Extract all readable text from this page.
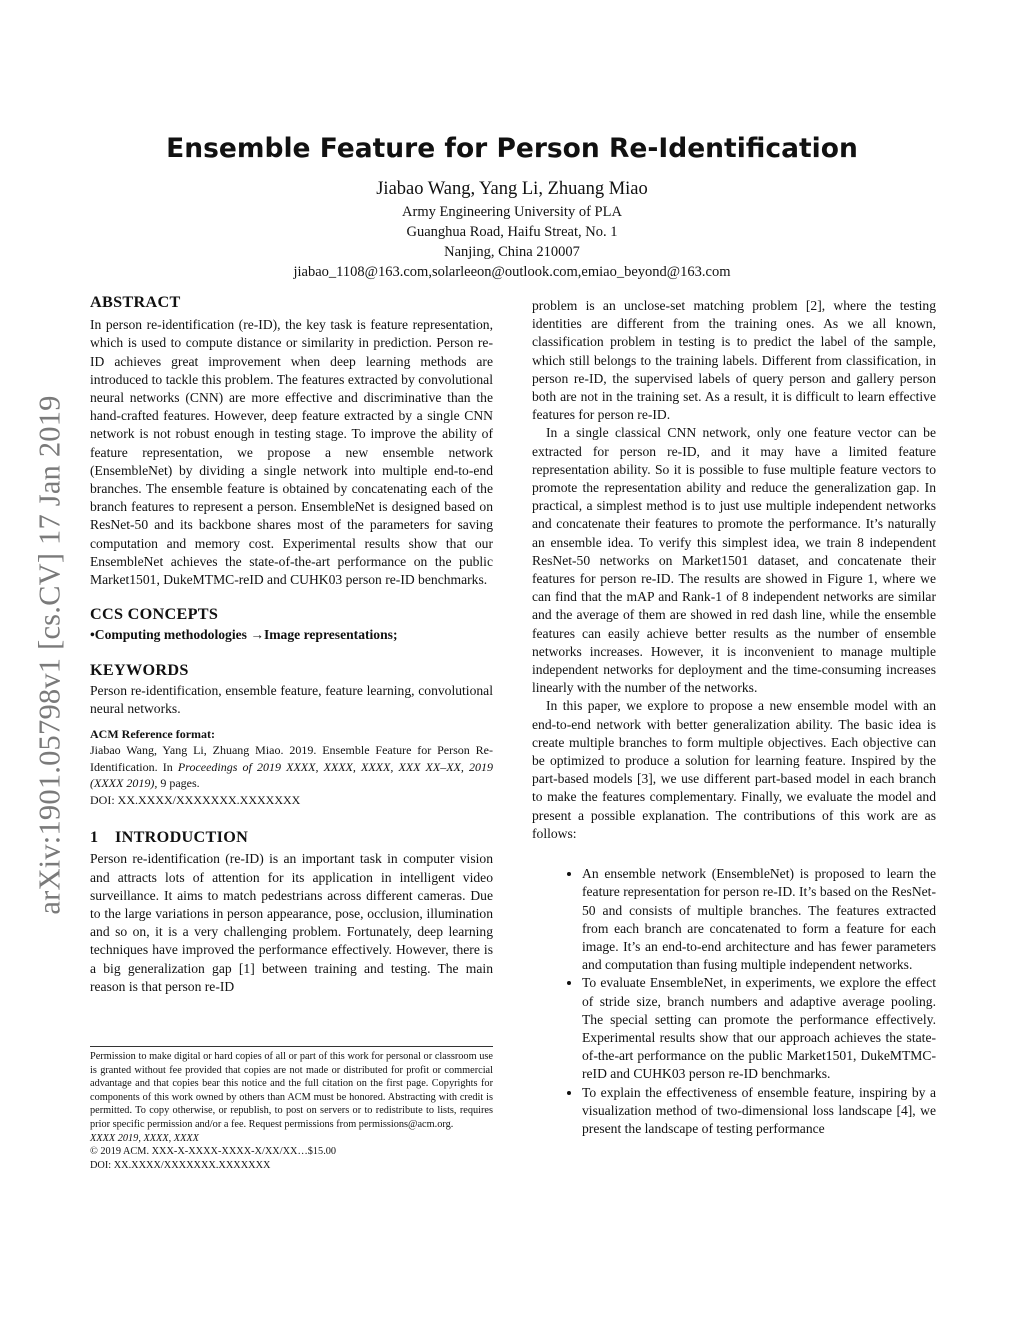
arXiv:1901.05798v1 [cs.CV] 17 Jan 2019
Ensemble Feature for Person Re-Identification
Jiabao Wang, Yang Li, Zhuang Miao
Army Engineering University of PLA
Guanghua Road, Haifu Streat, No. 1
Nanjing, China 210007
jiabao_1108@163.com,solarleeon@outlook.com,emiao_beyond@163.com
ABSTRACT

In person re-identification (re-ID), the key task is feature representation, which is used to compute distance or similarity in prediction. Person re-ID achieves great improvement when deep learning methods are introduced to tackle this problem. The features extracted by convolutional neural networks (CNN) are more effective and discriminative than the hand-crafted features. However, deep feature extracted by a single CNN network is not robust enough in testing stage. To improve the ability of feature representation, we propose a new ensemble network (EnsembleNet) by dividing a single network into multiple end-to-end branches. The ensemble feature is obtained by concatenating each of the branch features to represent a person. EnsembleNet is designed based on ResNet-50 and its backbone shares most of the parameters for saving computation and memory cost. Experimental results show that our EnsembleNet achieves the state-of-the-art performance on the public Market1501, DukeMTMC-reID and CUHK03 person re-ID benchmarks.

CCS CONCEPTS

•Computing methodologies →Image representations;

KEYWORDS

Person re-identification, ensemble feature, feature learning, convolutional neural networks.

ACM Reference format:
Jiabao Wang, Yang Li, Zhuang Miao. 2019. Ensemble Feature for Person Re-Identification. In Proceedings of 2019 XXXX, XXXX, XXXX, XXX XX–XX, 2019 (XXXX 2019), 9 pages.
DOI: XX.XXXX/XXXXXXX.XXXXXXX
1 INTRODUCTION

Person re-identification (re-ID) is an important task in computer vision and attracts lots of attention for its application in intelligent video surveillance. It aims to match pedestrians across different cameras. Due to the large variations in person appearance, pose, occlusion, illumination and so on, it is a very challenging problem. Fortunately, deep learning techniques have improved the performance effectively. However, there is a big generalization gap [1] between training and testing. The main reason is that person re-ID

Permission to make digital or hard copies of all or part of this work for personal or classroom use is granted without fee provided that copies are not made or distributed for profit or commercial advantage and that copies bear this notice and the full citation on the first page. Copyrights for components of this work owned by others than ACM must be honored. Abstracting with credit is permitted. To copy otherwise, or republish, to post on servers or to redistribute to lists, requires prior specific permission and/or a fee. Request permissions from permissions@acm.org.

XXXX 2019, XXXX, XXXX

© 2019 ACM. XXX-X-XXXX-XXXX-X/XX/XX…$15.00

DOI: XX.XXXX/XXXXXXX.XXXXXXX

problem is an unclose-set matching problem [2], where the testing identities are different from the training ones. As we all known, classification problem in testing is to predict the label of the sample, which still belongs to the training labels. Different from classification, in person re-ID, the supervised labels of query person and gallery person both are not in the training set. As a result, it is difficult to learn effective features for person re-ID.

In a single classical CNN network, only one feature vector can be extracted for person re-ID, and it may have a limited feature representation ability. So it is possible to fuse multiple feature vectors to promote the representation ability and reduce the generalization gap. In practical, a simplest method is to just use multiple independent networks and concatenate their features to promote the performance. It’s naturally an ensemble idea. To verify this simplest idea, we train 8 independent ResNet-50 networks on Market1501 dataset, and concatenate their features for person re-ID. The results are showed in Figure 1, where we can find that the mAP and Rank-1 of 8 independent networks are similar and the average of them are showed in red dash line, while the ensemble features can easily achieve better results as the number of ensemble networks increases. However, it is inconvenient to manage multiple independent networks for deployment and the time-consuming increases linearly with the number of the networks.

In this paper, we explore to propose a new ensemble model with an end-to-end network with better generalization ability. The basic idea is create multiple branches to form multiple objectives. Each objective can be optimized to produce a solution for learning feature. Inspired by the part-based models [3], we use different part-based model in each branch to make the features complementary. Finally, we evaluate the model and present a possible explanation. The contributions of this work are as follows:

• An ensemble network (EnsembleNet) is proposed to learn the feature representation for person re-ID. It’s based on the ResNet-50 and consists of multiple branches. The features extracted from each branch are concatenated to form a feature for each image. It’s an end-to-end architecture and has fewer parameters and computation than fusing multiple independent networks.
• To evaluate EnsembleNet, in experiments, we explore the effect of stride size, branch numbers and adaptive average pooling. The special setting can promote the performance effectively. Experimental results show that our approach achieves the state-of-the-art performance on the public Market1501, DukeMTMC-reID and CUHK03 person re-ID benchmarks.
• To explain the effectiveness of ensemble feature, inspiring by a visualization method of two-dimensional loss landscape [4], we present the landscape of testing performance
